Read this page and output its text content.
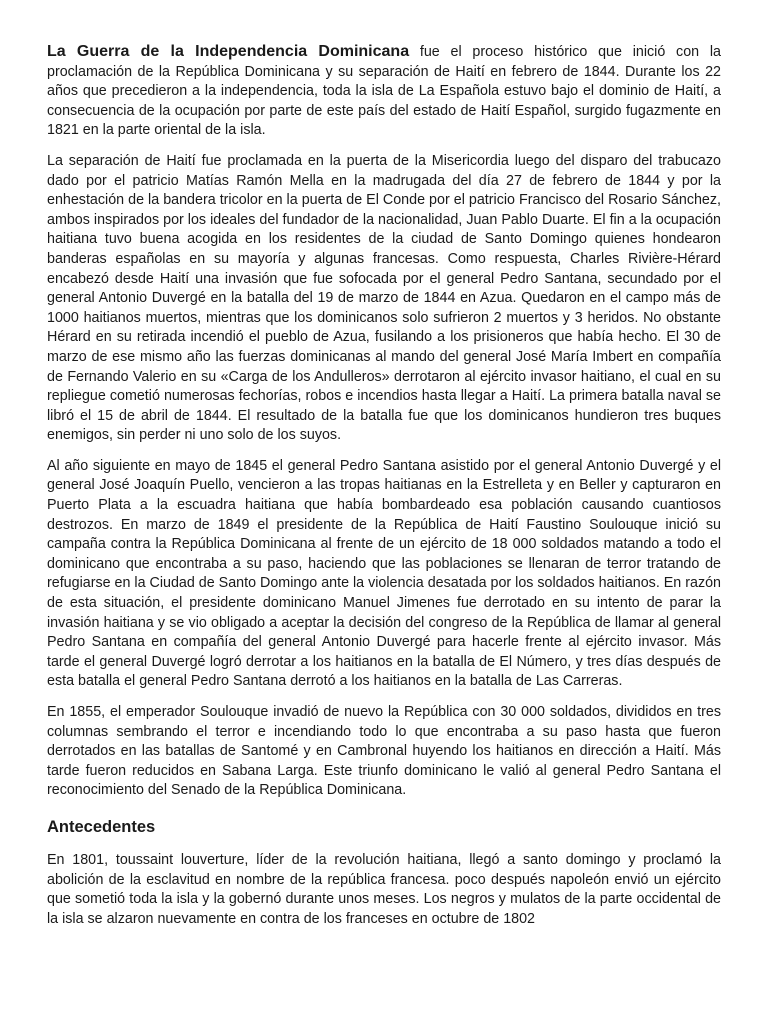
La Guerra de la Independencia Dominicana fue el proceso histórico que inició con la proclamación de la República Dominicana y su separación de Haití en febrero de 1844. Durante los 22 años que precedieron a la independencia, toda la isla de La Española estuvo bajo el dominio de Haití, a consecuencia de la ocupación por parte de este país del estado de Haití Español, surgido fugazmente en 1821 en la parte oriental de la isla.

La separación de Haití fue proclamada en la puerta de la Misericordia luego del disparo del trabucazo dado por el patricio Matías Ramón Mella en la madrugada del día 27 de febrero de 1844 y por la enhestación de la bandera tricolor en la puerta de El Conde por el patricio Francisco del Rosario Sánchez, ambos inspirados por los ideales del fundador de la nacionalidad, Juan Pablo Duarte. El fin a la ocupación haitiana tuvo buena acogida en los residentes de la ciudad de Santo Domingo quienes hondearon banderas españolas en su mayoría y algunas francesas. Como respuesta, Charles Rivière-Hérard encabezó desde Haití una invasión que fue sofocada por el general Pedro Santana, secundado por el general Antonio Duvergé en la batalla del 19 de marzo de 1844 en Azua. Quedaron en el campo más de 1000 haitianos muertos, mientras que los dominicanos solo sufrieron 2 muertos y 3 heridos. No obstante Hérard en su retirada incendió el pueblo de Azua, fusilando a los prisioneros que había hecho. El 30 de marzo de ese mismo año las fuerzas dominicanas al mando del general José María Imbert en compañía de Fernando Valerio en su «Carga de los Andulleros» derrotaron al ejército invasor haitiano, el cual en su repliegue cometió numerosas fechorías, robos e incendios hasta llegar a Haití. La primera batalla naval se libró el 15 de abril de 1844. El resultado de la batalla fue que los dominicanos hundieron tres buques enemigos, sin perder ni uno solo de los suyos.

Al año siguiente en mayo de 1845 el general Pedro Santana asistido por el general Antonio Duvergé y el general José Joaquín Puello, vencieron a las tropas haitianas en la Estrelleta y en Beller y capturaron en Puerto Plata a la escuadra haitiana que había bombardeado esa población causando cuantiosos destrozos. En marzo de 1849 el presidente de la República de Haití Faustino Soulouque inició su campaña contra la República Dominicana al frente de un ejército de 18 000 soldados matando a todo el dominicano que encontraba a su paso, haciendo que las poblaciones se llenaran de terror tratando de refugiarse en la Ciudad de Santo Domingo ante la violencia desatada por los soldados haitianos. En razón de esta situación, el presidente dominicano Manuel Jimenes fue derrotado en su intento de parar la invasión haitiana y se vio obligado a aceptar la decisión del congreso de la República de llamar al general Pedro Santana en compañía del general Antonio Duvergé para hacerle frente al ejército invasor. Más tarde el general Duvergé logró derrotar a los haitianos en la batalla de El Número, y tres días después de esta batalla el general Pedro Santana derrotó a los haitianos en la batalla de Las Carreras.

En 1855, el emperador Soulouque invadió de nuevo la República con 30 000 soldados, divididos en tres columnas sembrando el terror e incendiando todo lo que encontraba a su paso hasta que fueron derrotados en las batallas de Santomé y en Cambronal huyendo los haitianos en dirección a Haití. Más tarde fueron reducidos en Sabana Larga. Este triunfo dominicano le valió al general Pedro Santana el reconocimiento del Senado de la República Dominicana.

Antecedentes

En 1801, toussaint louverture, líder de la revolución haitiana, llegó a santo domingo y proclamó la abolición de la esclavitud en nombre de la república francesa. poco después napoleón envió un ejército que sometió toda la isla y la gobernó durante unos meses. Los negros y mulatos de la parte occidental de la isla se alzaron nuevamente en contra de los franceses en octubre de 1802
